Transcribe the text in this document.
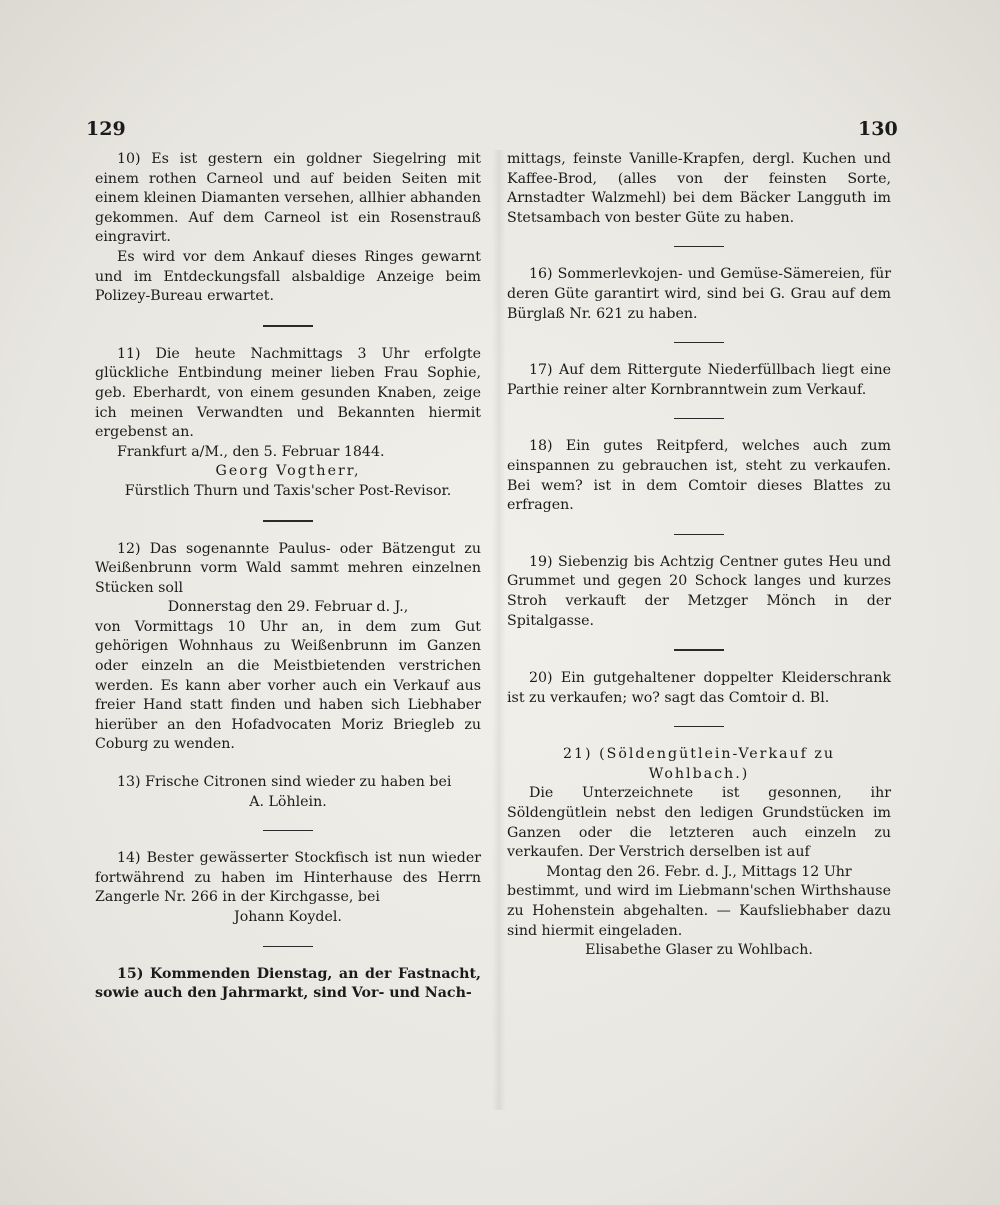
129	130

10) Es ist gestern ein goldner Siegelring mit einem rothen Carneol und auf beiden Seiten mit einem kleinen Diamanten versehen, allhier abhanden gekommen. Auf dem Carneol ist ein Rosenstrauß eingravirt.

Es wird vor dem Ankauf dieses Ringes gewarnt und im Entdeckungsfall alsbaldige Anzeige beim Polizey-Bureau erwartet.

11) Die heute Nachmittags 3 Uhr erfolgte glückliche Entbindung meiner lieben Frau Sophie, geb. Eberhardt, von einem gesunden Knaben, zeige ich meinen Verwandten und Bekannten hiermit ergebenst an.

Frankfurt a/M., den 5. Februar 1844.

Georg Vogtherr,

Fürstlich Thurn und Taxis'scher Post-Revisor.

12) Das sogenannte Paulus- oder Bätzengut zu Weißenbrunn vorm Wald sammt mehren einzelnen Stücken soll

Donnerstag den 29. Februar d. J.,

von Vormittags 10 Uhr an, in dem zum Gut gehörigen Wohnhaus zu Weißenbrunn im Ganzen oder einzeln an die Meistbietenden verstrichen werden. Es kann aber vorher auch ein Verkauf aus freier Hand statt finden und haben sich Liebhaber hierüber an den Hofadvocaten Moriz Briegleb zu Coburg zu wenden.

13) Frische Citronen sind wieder zu haben bei

A. Löhlein.

14) Bester gewässerter Stockfisch ist nun wieder fortwährend zu haben im Hinterhause des Herrn Zangerle Nr. 266 in der Kirchgasse, bei

Johann Koydel.

15) Kommenden Dienstag, an der Fastnacht, sowie auch den Jahrmarkt, sind Vor- und Nach-

mittags, feinste Vanille-Krapfen, dergl. Kuchen und Kaffee-Brod, (alles von der feinsten Sorte, Arnstadter Walzmehl) bei dem Bäcker Langguth im Stetsambach von bester Güte zu haben.

16) Sommerlevkojen- und Gemüse-Sämereien, für deren Güte garantirt wird, sind bei G. Grau auf dem Bürglaß Nr. 621 zu haben.

17) Auf dem Rittergute Niederfüllbach liegt eine Parthie reiner alter Kornbranntwein zum Verkauf.

18) Ein gutes Reitpferd, welches auch zum einspannen zu gebrauchen ist, steht zu verkaufen. Bei wem? ist in dem Comtoir dieses Blattes zu erfragen.

19) Siebenzig bis Achtzig Centner gutes Heu und Grummet und gegen 20 Schock langes und kurzes Stroh verkauft der Metzger Mönch in der Spitalgasse.

20) Ein gutgehaltener doppelter Kleiderschrank ist zu verkaufen; wo? sagt das Comtoir d. Bl.

21) (Söldengütlein-Verkauf zu

Wohlbach.)

Die Unterzeichnete ist gesonnen, ihr Söldengütlein nebst den ledigen Grundstücken im Ganzen oder die letzteren auch einzeln zu verkaufen. Der Verstrich derselben ist auf

Montag den 26. Febr. d. J., Mittags 12 Uhr

bestimmt, und wird im Liebmann'schen Wirthshause zu Hohenstein abgehalten. — Kaufsliebhaber dazu sind hiermit eingeladen.

Elisabethe Glaser zu Wohlbach.
